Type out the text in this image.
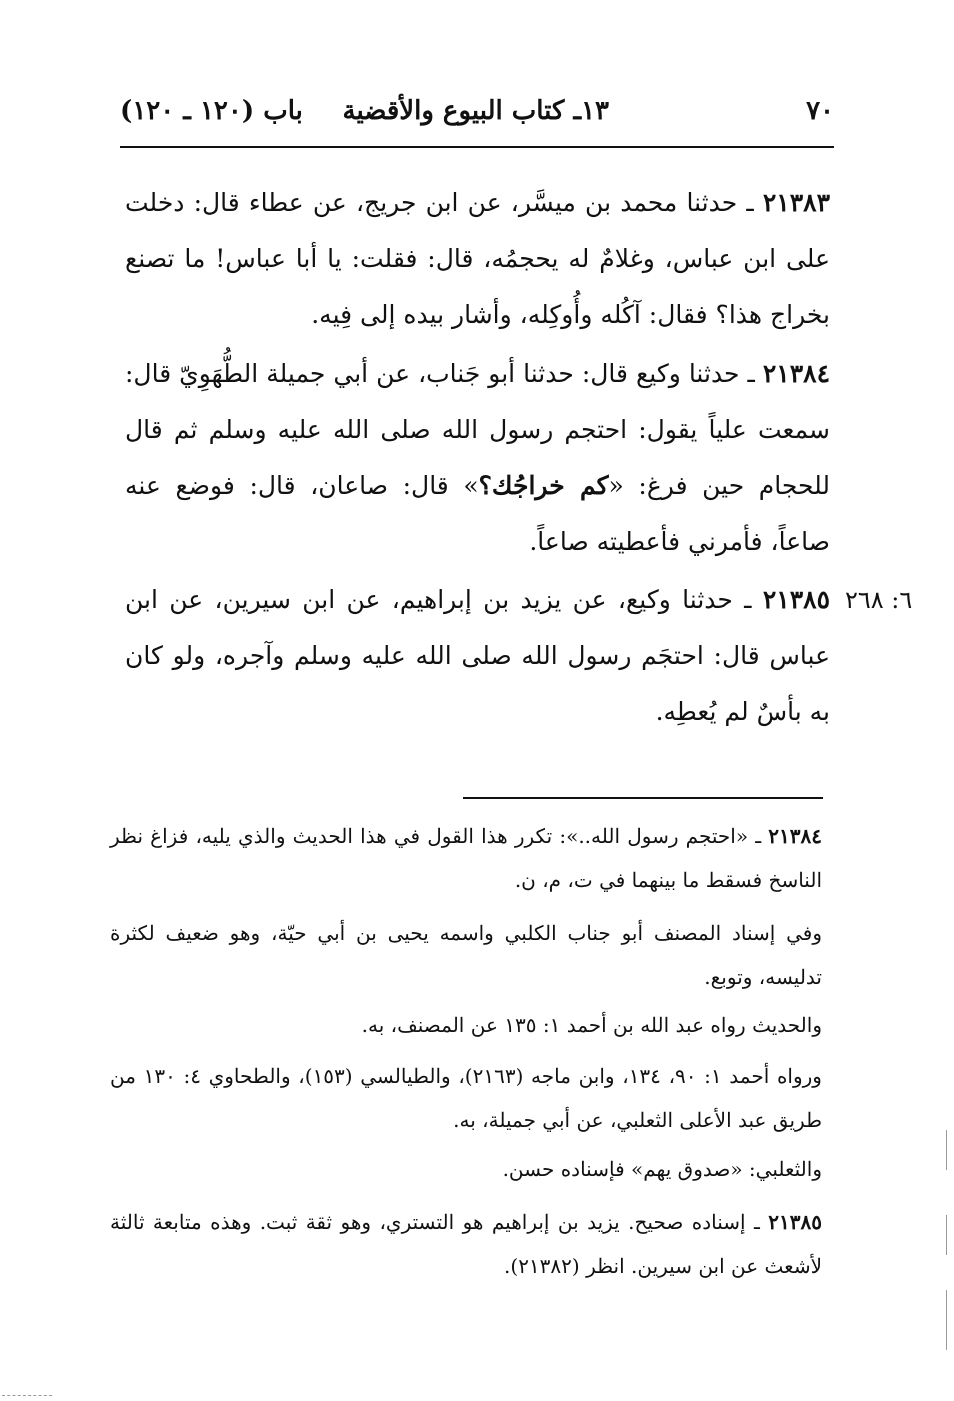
٧٠
١٣ـ كتاب البيوع والأقضية
باب (١٢٠ ـ ١٢٠)
٢١٣٨٣ ـ حدثنا محمد بن ميسَّر، عن ابن جريج، عن عطاء قال: دخلت على ابن عباس، وغلامٌ له يحجمُه، قال: فقلت: يا أبا عباس! ما تصنع بخراج هذا؟ فقال: آكُله وأُوكِله، وأشار بيده إلى فِيه.
٢١٣٨٤ ـ حدثنا وكيع قال: حدثنا أبو جَناب، عن أبي جميلة الطُّهَوِيّ قال: سمعت علياً يقول: احتجم رسول الله صلى الله عليه وسلم ثم قال للحجام حين فرغ: «كم خراجُك؟» قال: صاعان، قال: فوضع عنه صاعاً، فأمرني فأعطيته صاعاً.
٢١٣٨٥ ـ حدثنا وكيع، عن يزيد بن إبراهيم، عن ابن سيرين، عن ابن عباس قال: احتجَم رسول الله صلى الله عليه وسلم وآجره، ولو كان به بأسٌ لم يُعطِه.
٦: ٢٦٨
٢١٣٨٤ ـ «احتجم رسول الله..»: تكرر هذا القول في هذا الحديث والذي يليه، فزاغ نظر الناسخ فسقط ما بينهما في ت، م، ن.
وفي إسناد المصنف أبو جناب الكلبي واسمه يحيى بن أبي حيّة، وهو ضعيف لكثرة تدليسه، وتوبع.
والحديث رواه عبد الله بن أحمد ١: ١٣٥ عن المصنف، به.
ورواه أحمد ١: ٩٠، ١٣٤، وابن ماجه (٢١٦٣)، والطيالسي (١٥٣)، والطحاوي ٤: ١٣٠ من طريق عبد الأعلى الثعلبي، عن أبي جميلة، به.
والثعلبي: «صدوق يهم» فإسناده حسن.
٢١٣٨٥ ـ إسناده صحيح. يزيد بن إبراهيم هو التستري، وهو ثقة ثبت. وهذه متابعة ثالثة لأشعث عن ابن سيرين. انظر (٢١٣٨٢).
